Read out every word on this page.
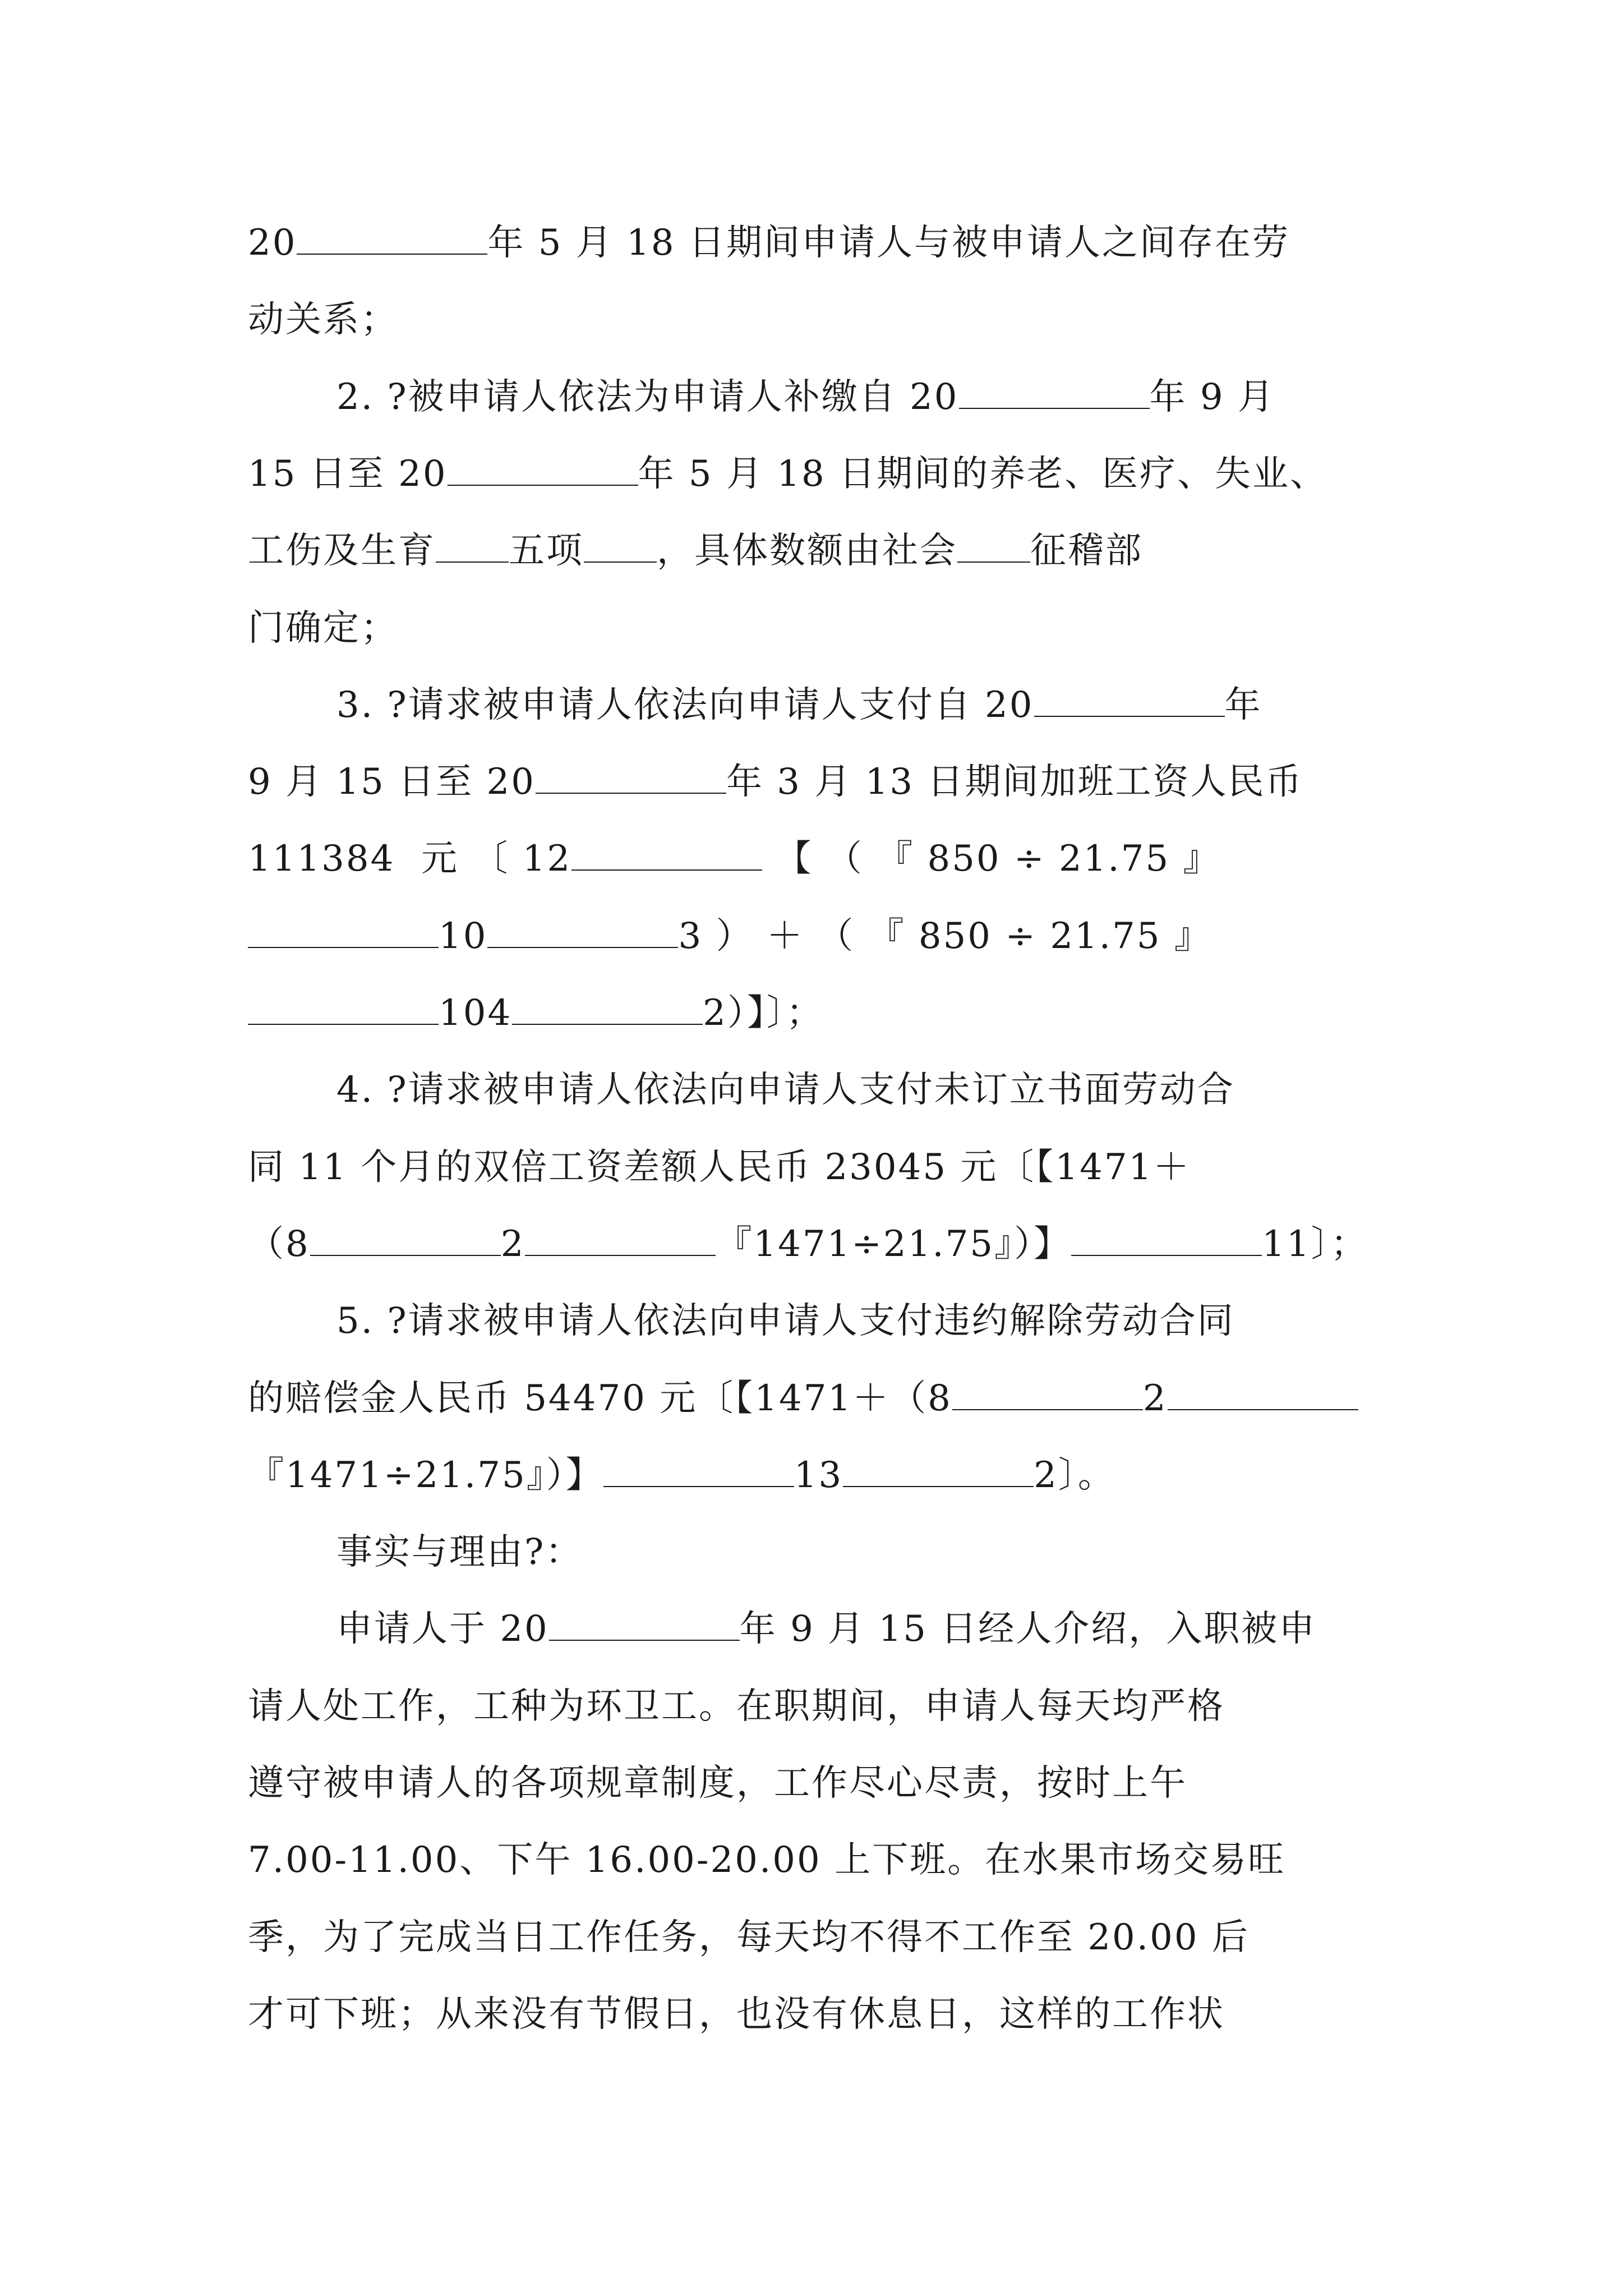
20	年 5 月 18 日期间申请人与被申请人之间存在劳
动关系；
2. ?被申请人依法为申请人补缴自 20	年 9 月
15 日至 20	年 5 月 18 日期间的养老、医疗、失业、
工伤及生育 五项 ，具体数额由社会 征稽部
门确定；
3. ?请求被申请人依法向申请人支付自 20	年
9 月 15 日至 20	年 3 月 13 日期间加班工资人民币
111384  元 〔 12	【 （ 『 850 ÷ 21.75 』
10	3 ） ＋ （ 『 850 ÷ 21.75 』
104	2）】〕；
4. ?请求被申请人依法向申请人支付未订立书面劳动合
同 11 个月的双倍工资差额人民币 23045 元〔【1471＋
（8	2	『1471÷21.75』）】	11〕；
5. ?请求被申请人依法向申请人支付违约解除劳动合同
的赔偿金人民币 54470 元〔【1471＋（8	2
『1471÷21.75』）】	13	2〕。
事实与理由?：
申请人于 20	年 9 月 15 日经人介绍，入职被申
请人处工作，工种为环卫工。在职期间，申请人每天均严格
遵守被申请人的各项规章制度，工作尽心尽责，按时上午
7.00-11.00、下午 16.00-20.00 上下班。在水果市场交易旺
季，为了完成当日工作任务，每天均不得不工作至 20.00 后
才可下班；从来没有节假日，也没有休息日，这样的工作状
